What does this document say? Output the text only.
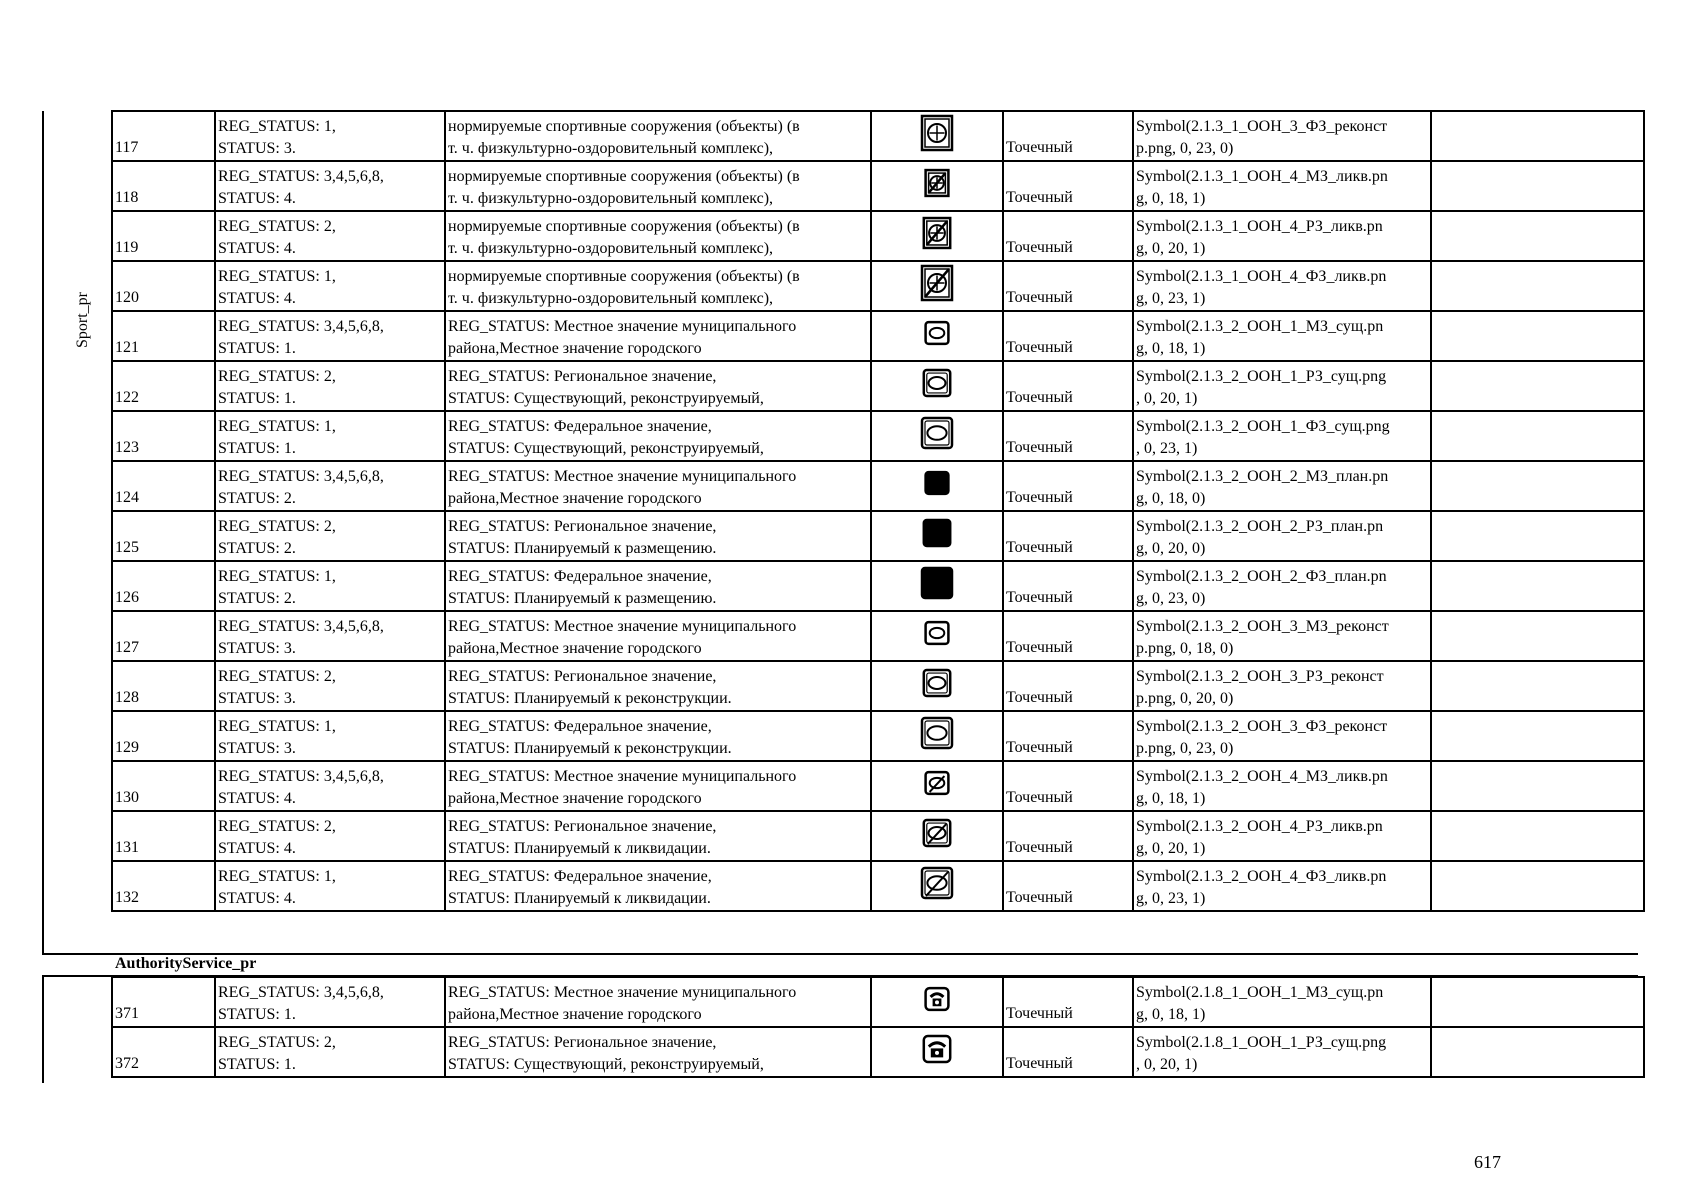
Sport_pr
117	REG_STATUS: 1,
STATUS: 3.	нормируемые спортивные сооружения (объекты) (в
т. ч. физкультурно-оздоровительный комплекс),		Точечный	Symbol(2.1.3_1_ООН_3_ФЗ_реконст
р.png, 0, 23, 0)	

118	REG_STATUS: 3,4,5,6,8,
STATUS: 4.	нормируемые спортивные сооружения (объекты) (в
т. ч. физкультурно-оздоровительный комплекс),		Точечный	Symbol(2.1.3_1_ООН_4_МЗ_ликв.pn
g, 0, 18, 1)	

119	REG_STATUS: 2,
STATUS: 4.	нормируемые спортивные сооружения (объекты) (в
т. ч. физкультурно-оздоровительный комплекс),		Точечный	Symbol(2.1.3_1_ООН_4_РЗ_ликв.pn
g, 0, 20, 1)	

120	REG_STATUS: 1,
STATUS: 4.	нормируемые спортивные сооружения (объекты) (в
т. ч. физкультурно-оздоровительный комплекс),		Точечный	Symbol(2.1.3_1_ООН_4_ФЗ_ликв.pn
g, 0, 23, 1)	

121	REG_STATUS: 3,4,5,6,8,
STATUS: 1.	REG_STATUS: Местное значение муниципального
района,Местное значение городского		Точечный	Symbol(2.1.3_2_ООН_1_МЗ_сущ.pn
g, 0, 18, 1)	

122	REG_STATUS: 2,
STATUS: 1.	REG_STATUS: Региональное значение,
STATUS: Существующий, реконструируемый,		Точечный	Symbol(2.1.3_2_ООН_1_РЗ_сущ.png
, 0, 20, 1)	

123	REG_STATUS: 1,
STATUS: 1.	REG_STATUS: Федеральное значение,
STATUS: Существующий, реконструируемый,		Точечный	Symbol(2.1.3_2_ООН_1_ФЗ_сущ.png
, 0, 23, 1)	

124	REG_STATUS: 3,4,5,6,8,
STATUS: 2.	REG_STATUS: Местное значение муниципального
района,Местное значение городского		Точечный	Symbol(2.1.3_2_ООН_2_МЗ_план.pn
g, 0, 18, 0)	

125	REG_STATUS: 2,
STATUS: 2.	REG_STATUS: Региональное значение,
STATUS: Планируемый к размещению.		Точечный	Symbol(2.1.3_2_ООН_2_РЗ_план.pn
g, 0, 20, 0)	

126	REG_STATUS: 1,
STATUS: 2.	REG_STATUS: Федеральное значение,
STATUS: Планируемый к размещению.		Точечный	Symbol(2.1.3_2_ООН_2_ФЗ_план.pn
g, 0, 23, 0)	

127	REG_STATUS: 3,4,5,6,8,
STATUS: 3.	REG_STATUS: Местное значение муниципального
района,Местное значение городского		Точечный	Symbol(2.1.3_2_ООН_3_МЗ_реконст
р.png, 0, 18, 0)	

128	REG_STATUS: 2,
STATUS: 3.	REG_STATUS: Региональное значение,
STATUS: Планируемый к реконструкции.		Точечный	Symbol(2.1.3_2_ООН_3_РЗ_реконст
р.png, 0, 20, 0)	

129	REG_STATUS: 1,
STATUS: 3.	REG_STATUS: Федеральное значение,
STATUS: Планируемый к реконструкции.		Точечный	Symbol(2.1.3_2_ООН_3_ФЗ_реконст
р.png, 0, 23, 0)	

130	REG_STATUS: 3,4,5,6,8,
STATUS: 4.	REG_STATUS: Местное значение муниципального
района,Местное значение городского		Точечный	Symbol(2.1.3_2_ООН_4_МЗ_ликв.pn
g, 0, 18, 1)	

131	REG_STATUS: 2,
STATUS: 4.	REG_STATUS: Региональное значение,
STATUS: Планируемый к ликвидации.		Точечный	Symbol(2.1.3_2_ООН_4_РЗ_ликв.pn
g, 0, 20, 1)	

132	REG_STATUS: 1,
STATUS: 4.	REG_STATUS: Федеральное значение,
STATUS: Планируемый к ликвидации.		Точечный	Symbol(2.1.3_2_ООН_4_ФЗ_ликв.pn
g, 0, 23, 1)	

AuthorityService_pr
371	REG_STATUS: 3,4,5,6,8,
STATUS: 1.	REG_STATUS: Местное значение муниципального
района,Местное значение городского		Точечный	Symbol(2.1.8_1_ООН_1_МЗ_сущ.pn
g, 0, 18, 1)	

372	REG_STATUS: 2,
STATUS: 1.	REG_STATUS: Региональное значение,
STATUS: Существующий, реконструируемый,		Точечный	Symbol(2.1.8_1_ООН_1_РЗ_сущ.png
, 0, 20, 1)	

617
